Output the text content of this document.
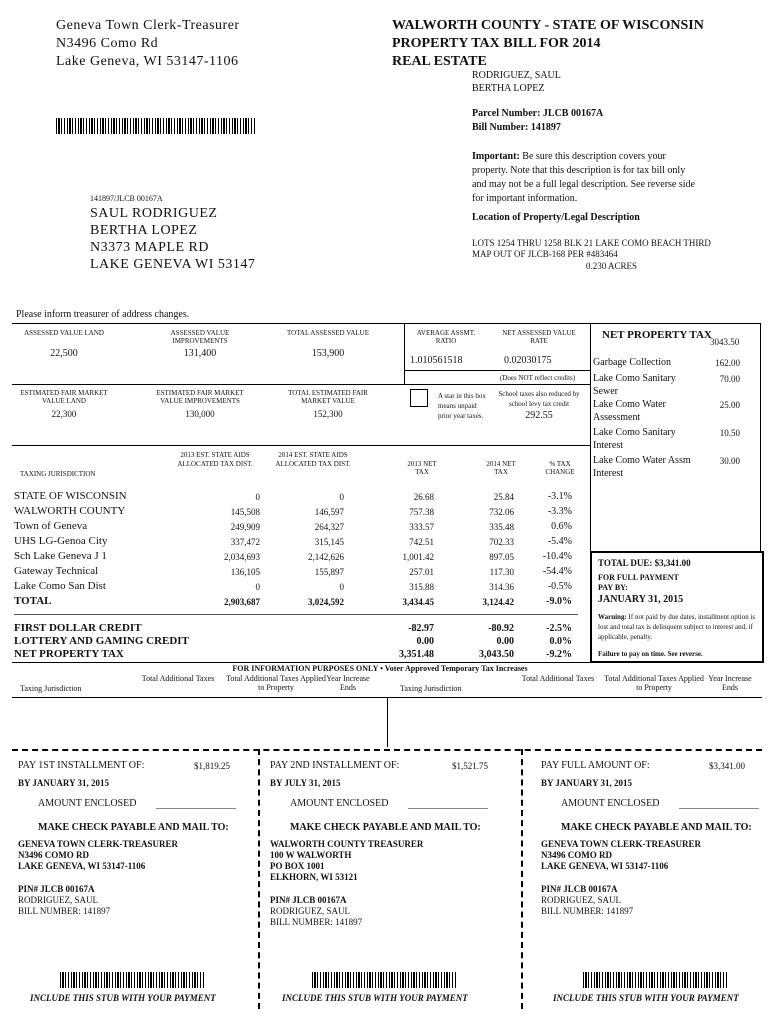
Geneva Town Clerk-Treasurer
N3496 Como Rd
Lake Geneva, WI 53147-1106
WALWORTH COUNTY - STATE OF WISCONSIN
PROPERTY TAX BILL FOR 2014
REAL ESTATE
RODRIGUEZ, SAUL
BERTHA LOPEZ
Parcel Number: JLCB 00167A
Bill Number: 141897
Important: Be sure this description covers your property. Note that this description is for tax bill only and may not be a full legal description. See reverse side for important information.
Location of Property/Legal Description
LOTS 1254 THRU 1258 BLK 21 LAKE COMO BEACH THIRD
MAP OUT OF JLCB-168 PER #483464
0.230 ACRES
141897/JLCB 00167A
SAUL RODRIGUEZ
BERTHA LOPEZ
N3373 MAPLE RD
LAKE GENEVA WI 53147
Please inform treasurer of address changes.
ASSESSED VALUE LAND	ASSESSED VALUE IMPROVEMENTS
TOTAL ASSESSED VALUE	AVERAGE ASSMT. RATIO
NET ASSESSED VALUE RATE
22,500	131,400	153,900
1.010561518	0.02030175
(Does NOT reflect credits)
ESTIMATED FAIR MARKET VALUE LAND
ESTIMATED FAIR MARKET VALUE IMPROVEMENTS
TOTAL ESTIMATED FAIR MARKET VALUE
22,300	130,000	152,300
A star in this box means unpaid prior year taxes.
School taxes also reduced by school levy tax credit
292.55
NET PROPERTY TAX
3043.50
Garbage Collection	162.00
Lake Como Sanitary Sewer
70.00
Lake Como Water Assessment
25.00
Lake Como Sanitary Interest
10.50
Lake Como Water Assm Interest
30.00
TAXING JURISDICTION
2013 EST. STATE AIDS ALLOCATED TAX DIST.
2014 EST. STATE AIDS ALLOCATED TAX DIST.	2013 NET TAX
2014 NET TAX
% TAX CHANGE
STATE OF WISCONSIN	0	0	26.68	25.84	-3.1%
WALWORTH COUNTY	145,508	146,597	757.38	732.06	-3.3%
Town of Geneva	249,909	264,327	333.57	335.48	0.6%
UHS LG-Genoa City	337,472	315,145	742.51	702.33	-5.4%
Sch Lake Geneva J 1	2,034,693	2,142,626	1,001.42	897.05	-10.4%
Gateway Technical	136,105	155,897	257.01	117.30	-54.4%
Lake Como San Dist	0	0	315.88	314.36	-0.5%
TOTAL	2,903,687	3,024,592	3,434.45	3,124.42	-9.0%
FIRST DOLLAR CREDIT	-82.97	-80.92	-2.5%
LOTTERY AND GAMING CREDIT	0.00	0.00	0.0%
NET PROPERTY TAX	3,351.48	3,043.50	-9.2%
TOTAL DUE: $3,341.00
FOR FULL PAYMENT
PAY BY:
JANUARY 31, 2015
Warning: If not paid by due dates, installment option is lost and total tax is delinquent subject to interest and, if applicable, penalty.
Failure to pay on time. See reverse.
FOR INFORMATION PURPOSES ONLY • Voter Approved Temporary Tax Increases
Taxing Jurisdiction
Total Additional Taxes Total Additional Taxes Applied to Property
Year Increase Ends	Taxing Jurisdiction
Total Additional Taxes Total Additional Taxes Applied to Property
Year Increase Ends
PAY 1ST INSTALLMENT OF:	$1,819.25
BY JANUARY 31, 2015
AMOUNT ENCLOSED
MAKE CHECK PAYABLE AND MAIL TO:
GENEVA TOWN CLERK-TREASURER
N3496 COMO RD
LAKE GENEVA, WI 53147-1106
PIN# JLCB 00167A
RODRIGUEZ, SAUL
BILL NUMBER: 141897
INCLUDE THIS STUB WITH YOUR PAYMENT
PAY 2ND INSTALLMENT OF:	$1,521.75
BY JULY 31, 2015
AMOUNT ENCLOSED
MAKE CHECK PAYABLE AND MAIL TO:
WALWORTH COUNTY TREASURER
100 W WALWORTH
PO BOX 1001
ELKHORN, WI 53121
PIN# JLCB 00167A
RODRIGUEZ, SAUL
BILL NUMBER: 141897
INCLUDE THIS STUB WITH YOUR PAYMENT
PAY FULL AMOUNT OF:	$3,341.00
BY JANUARY 31, 2015
AMOUNT ENCLOSED
MAKE CHECK PAYABLE AND MAIL TO:
GENEVA TOWN CLERK-TREASURER
N3496 COMO RD
LAKE GENEVA, WI 53147-1106
PIN# JLCB 00167A
RODRIGUEZ, SAUL
BILL NUMBER: 141897
INCLUDE THIS STUB WITH YOUR PAYMENT
